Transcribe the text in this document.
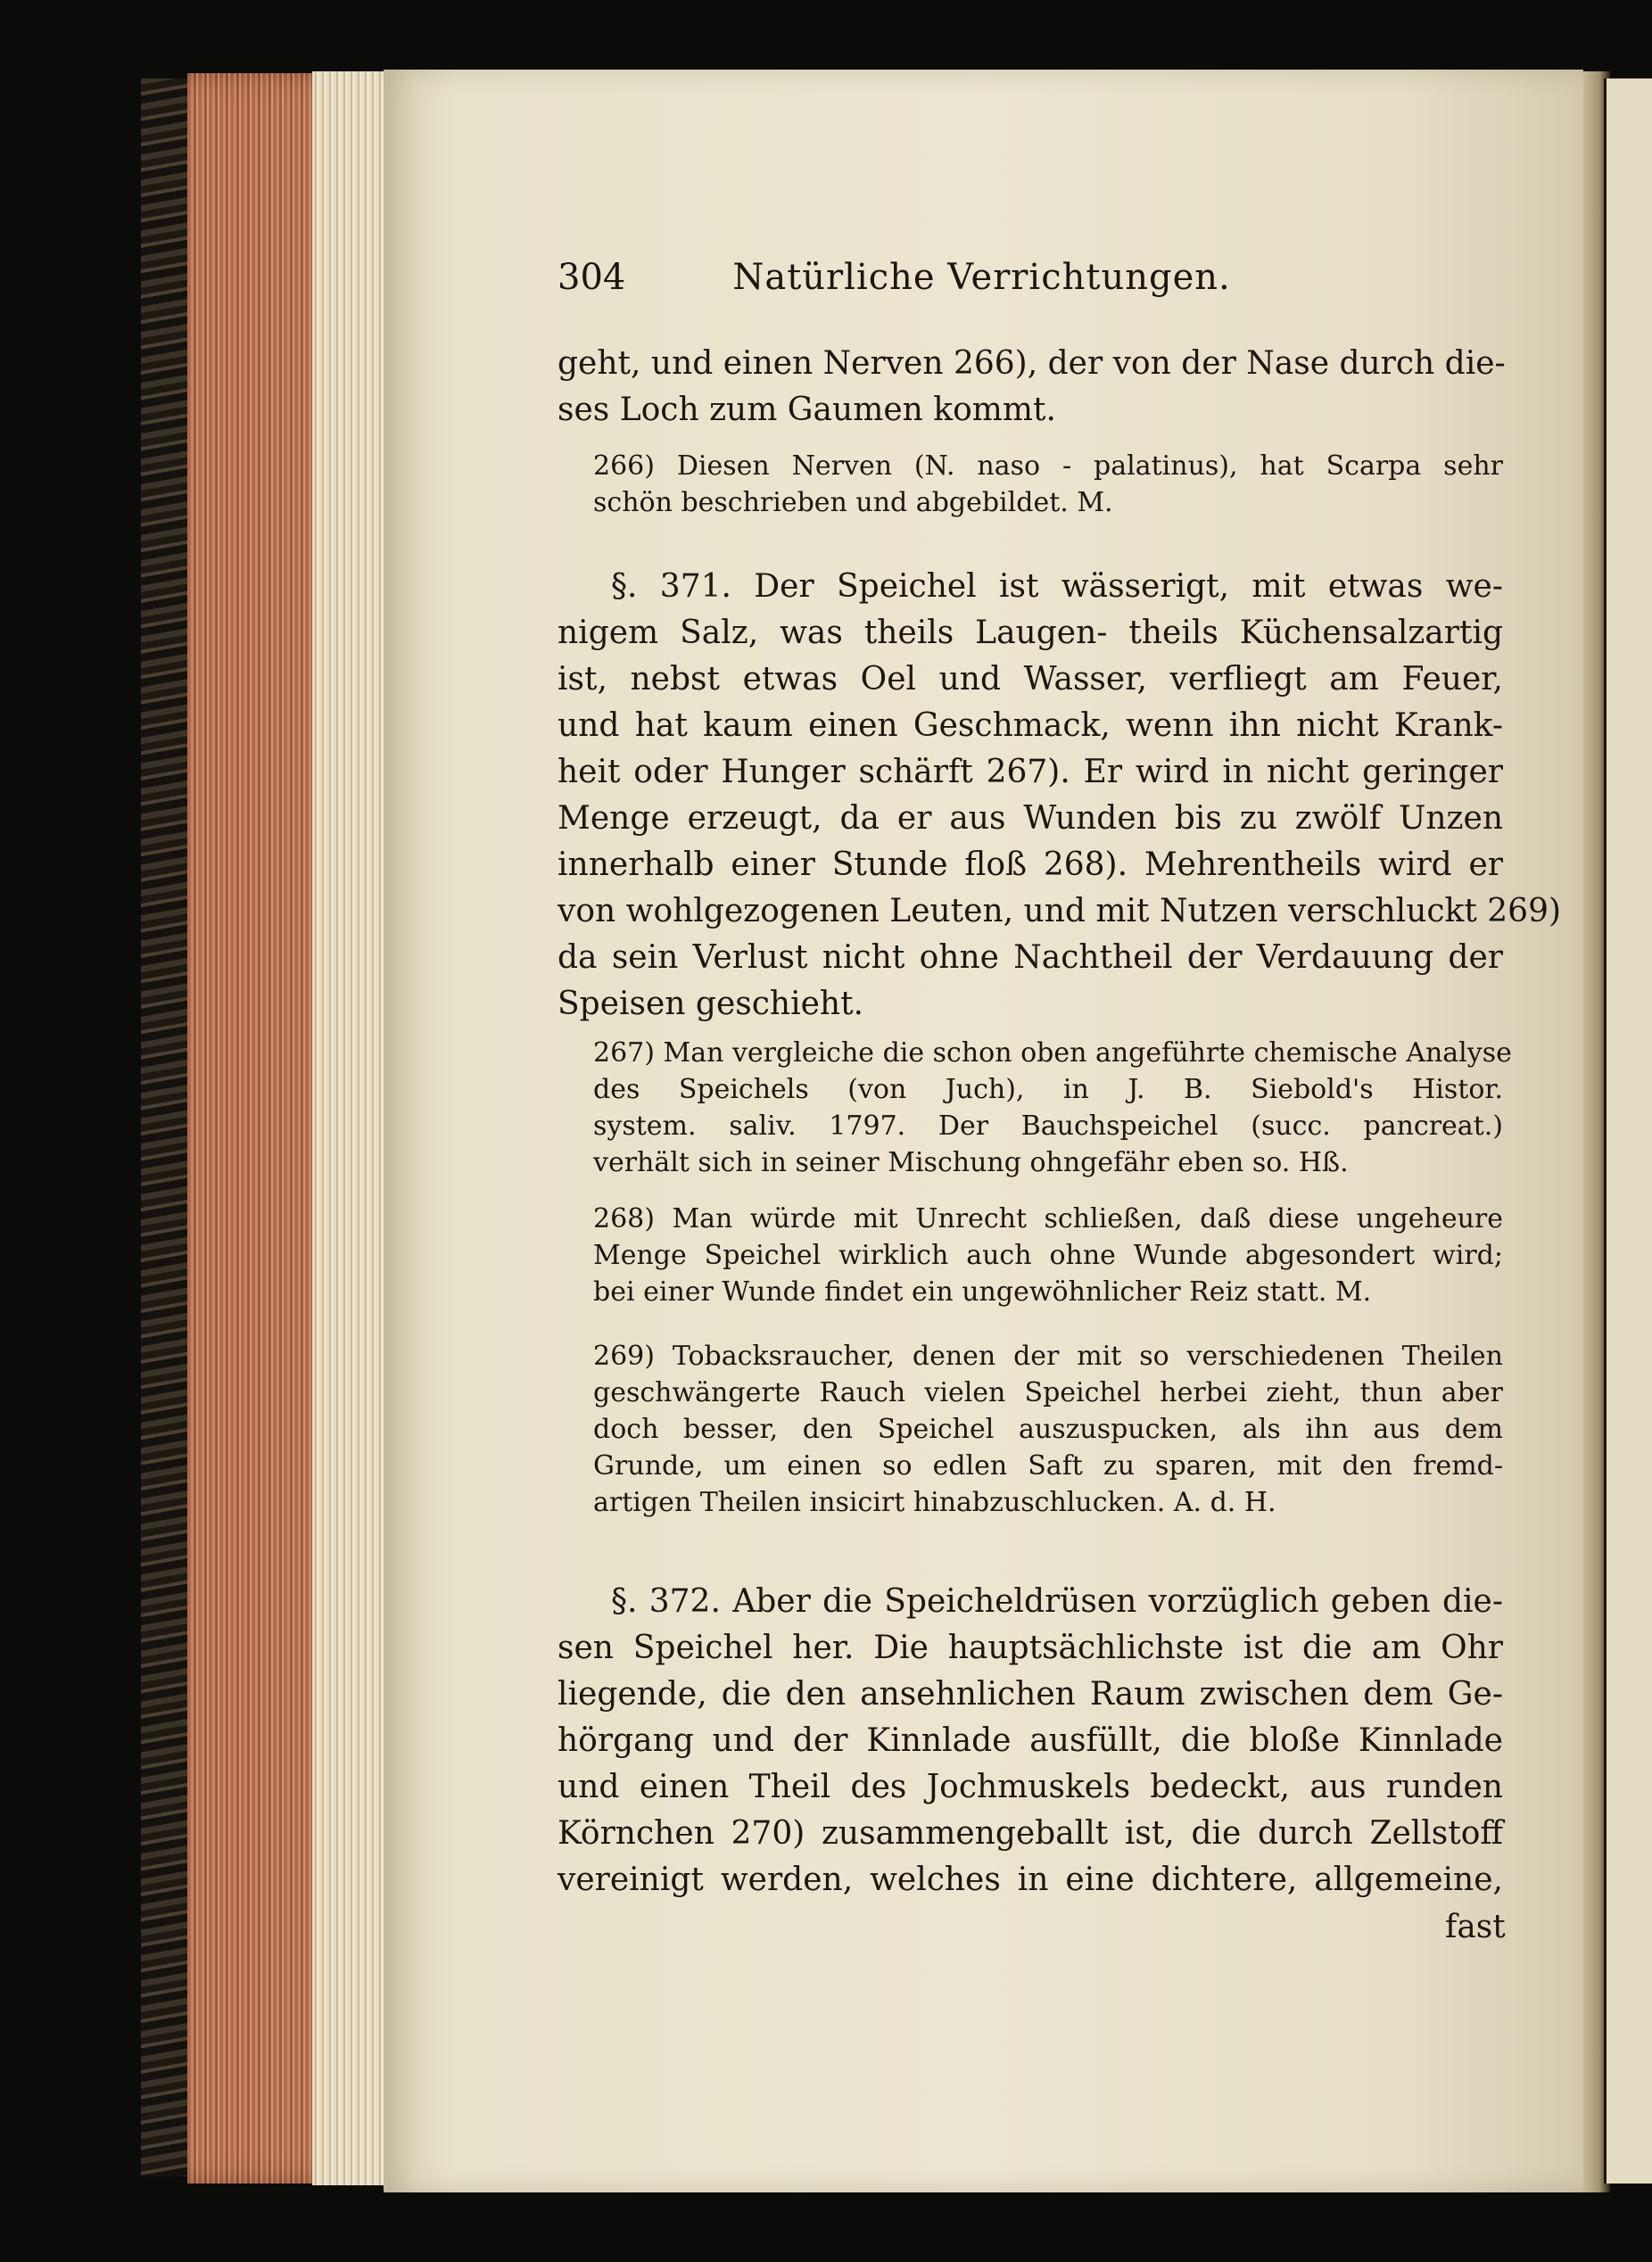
304	Natürliche Verrichtungen.

geht, und einen Nerven 266), der von der Nase durch die-

ses Loch zum Gaumen kommt.

266) Diesen Nerven (N. naso - palatinus), hat Scarpa sehr

schön beschrieben und abgebildet. M.

§. 371. Der Speichel ist wässerigt, mit etwas we-

nigem Salz, was theils Laugen- theils Küchensalzartig

ist, nebst etwas Oel und Wasser, verfliegt am Feuer,

und hat kaum einen Geschmack, wenn ihn nicht Krank-

heit oder Hunger schärft 267). Er wird in nicht geringer

Menge erzeugt, da er aus Wunden bis zu zwölf Unzen

innerhalb einer Stunde floß 268). Mehrentheils wird er

von wohlgezogenen Leuten, und mit Nutzen verschluckt 269)

da sein Verlust nicht ohne Nachtheil der Verdauung der

Speisen geschieht.

267) Man vergleiche die schon oben angeführte chemische Analyse

des Speichels (von Juch), in J. B. Siebold's Histor.

system. saliv. 1797. Der Bauchspeichel (succ. pancreat.)

verhält sich in seiner Mischung ohngefähr eben so. Hß.

268) Man würde mit Unrecht schließen, daß diese ungeheure

Menge Speichel wirklich auch ohne Wunde abgesondert wird;

bei einer Wunde findet ein ungewöhnlicher Reiz statt. M.

269) Tobacksraucher, denen der mit so verschiedenen Theilen

geschwängerte Rauch vielen Speichel herbei zieht, thun aber

doch besser, den Speichel auszuspucken, als ihn aus dem

Grunde, um einen so edlen Saft zu sparen, mit den fremd-

artigen Theilen insicirt hinabzuschlucken. A. d. H.

§. 372. Aber die Speicheldrüsen vorzüglich geben die-

sen Speichel her. Die hauptsächlichste ist die am Ohr

liegende, die den ansehnlichen Raum zwischen dem Ge-

hörgang und der Kinnlade ausfüllt, die bloße Kinnlade

und einen Theil des Jochmuskels bedeckt, aus runden

Körnchen 270) zusammengeballt ist, die durch Zellstoff

vereinigt werden, welches in eine dichtere, allgemeine,

fast
